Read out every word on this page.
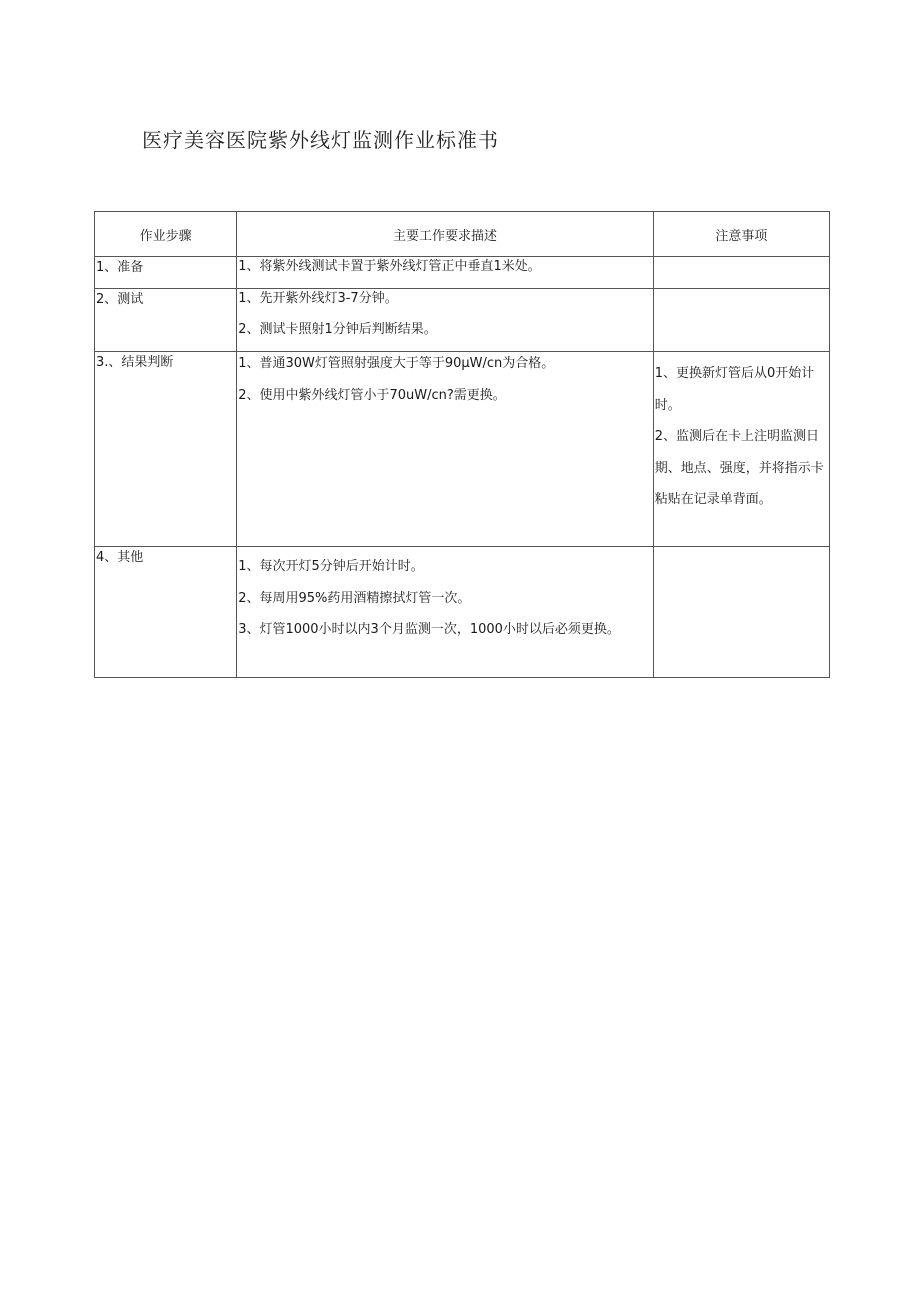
医疗美容医院紫外线灯监测作业标准书
作业步骤	主要工作要求描述	注意事项

1、准备	1、将紫外线测试卡置于紫外线灯管正中垂直1米处。	

2、测试	1、先开紫外线灯3-7分钟。
2、测试卡照射1分钟后判断结果。	

3.、结果判断	1、普通30W灯管照射强度大于等于90μW/cn为合格。
2、使用中紫外线灯管小于70uW/cn?需更换。	1、更换新灯管后从0开始计时。
2、监测后在卡上注明监测日期、地点、强度，并将指示卡粘贴在记录单背面。

4、其他	1、每次开灯5分钟后开始计时。
2、每周用95%药用酒精擦拭灯管一次。
3、灯管1000小时以内3个月监测一次，1000小时以后必须更换。	
